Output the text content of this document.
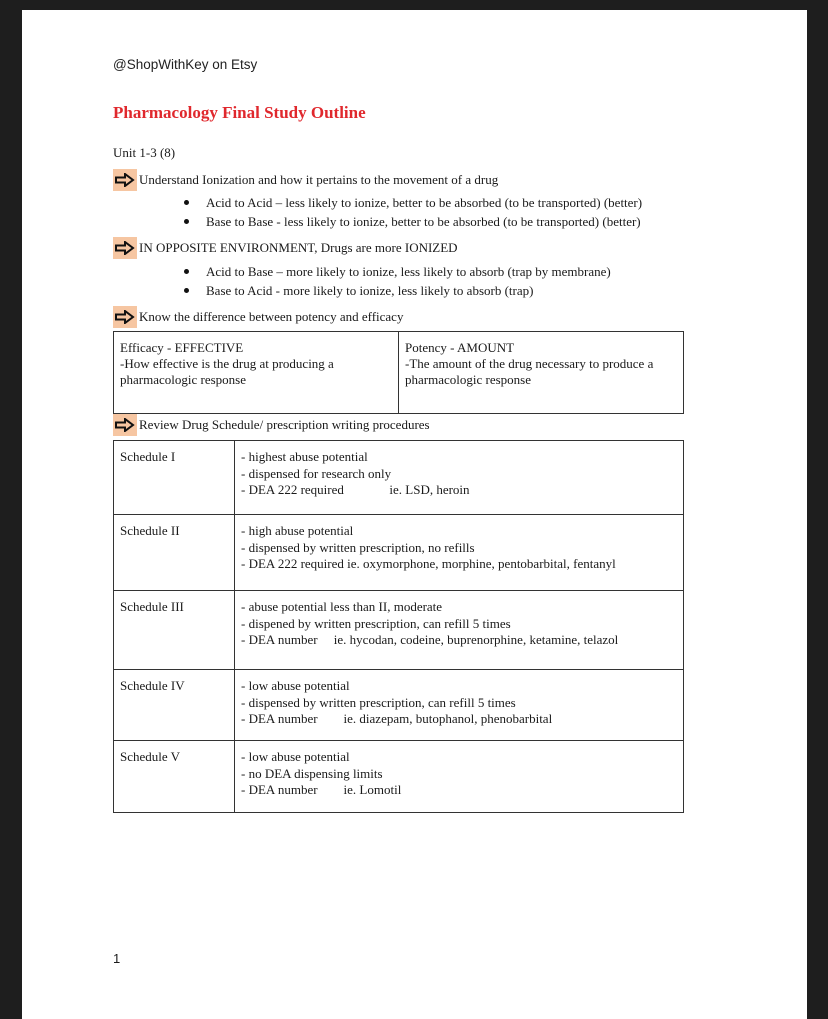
@ShopWithKey on Etsy
Pharmacology Final Study Outline
Unit 1-3 (8)
Understand Ionization and how it pertains to the movement of a drug
Acid to Acid – less likely to ionize, better to be absorbed (to be transported) (better)
Base to Base - less likely to ionize, better to be absorbed (to be transported) (better)
IN OPPOSITE ENVIRONMENT, Drugs are more IONIZED
Acid to Base – more likely to ionize, less likely to absorb (trap by membrane)
Base to Acid - more likely to ionize, less likely to absorb (trap)
Know the difference between potency and efficacy
Efficacy - EFFECTIVE
-How effective is the drug at producing a
pharmacologic response

Potency - AMOUNT
-The amount of the drug necessary to produce a
pharmacologic response
Review Drug Schedule/ prescription writing procedures
Schedule I	- highest abuse potential
- dispensed for research only
- DEA 222 required              ie. LSD, heroin

Schedule II	- high abuse potential
- dispensed by written prescription, no refills
- DEA 222 required ie. oxymorphone, morphine, pentobarbital, fentanyl

Schedule III	- abuse potential less than II, moderate
- dispened by written prescription, can refill 5 times
- DEA number     ie. hycodan, codeine, buprenorphine, ketamine, telazol

Schedule IV	- low abuse potential
- dispensed by written prescription, can refill 5 times
- DEA number        ie. diazepam, butophanol, phenobarbital

Schedule V	- low abuse potential
- no DEA dispensing limits
- DEA number        ie. Lomotil
1
